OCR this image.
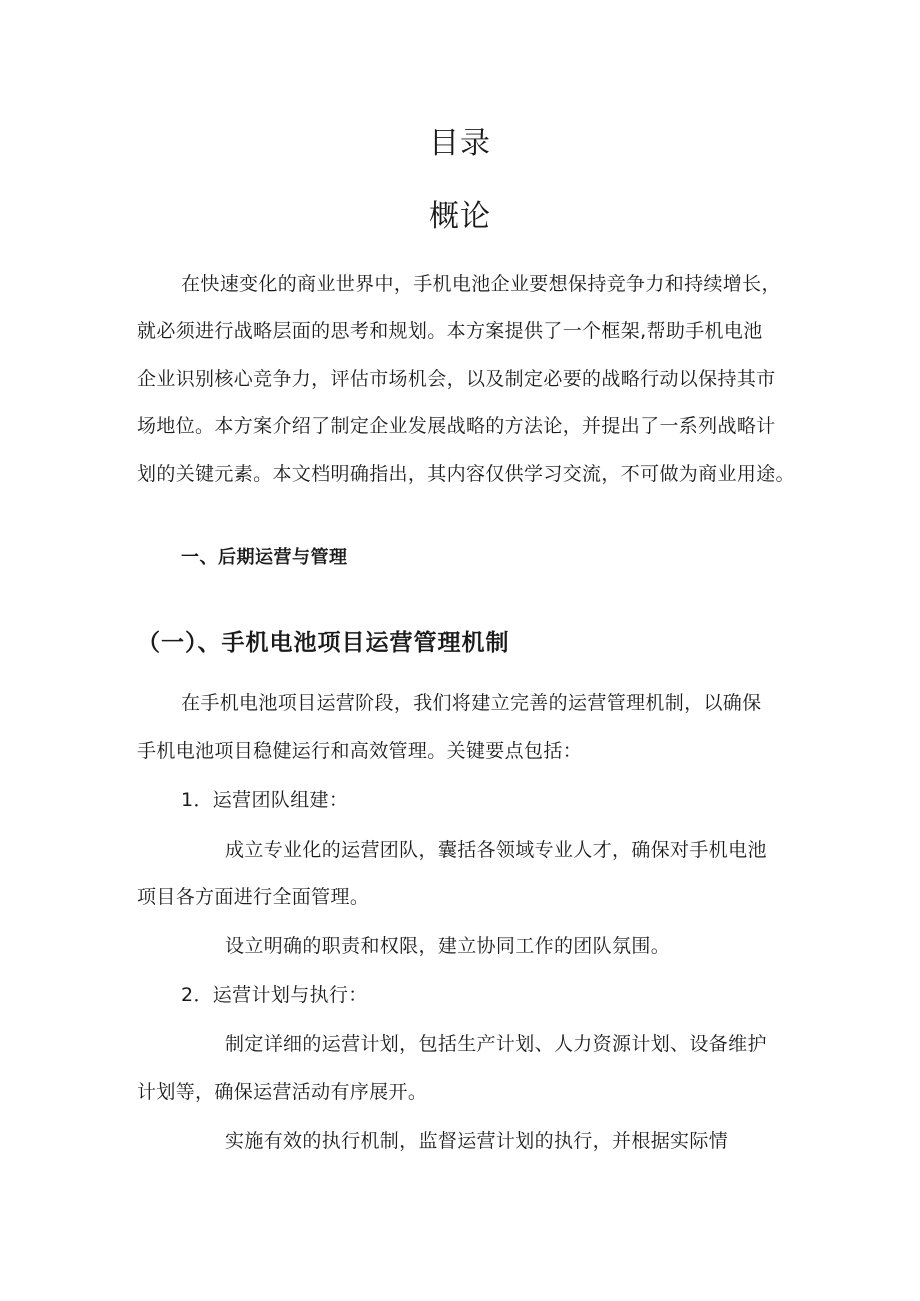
目录
概论

在快速变化的商业世界中，手机电池企业要想保持竞争力和持续增长，

就必须进行战略层面的思考和规划。本方案提供了一个框架,帮助手机电池

企业识别核心竞争力，评估市场机会，以及制定必要的战略行动以保持其市

场地位。本方案介绍了制定企业发展战略的方法论，并提出了一系列战略计

划的关键元素。本文档明确指出，其内容仅供学习交流，不可做为商业用途。

一、后期运营与管理
（一）、手机电池项目运营管理机制

在手机电池项目运营阶段，我们将建立完善的运营管理机制，以确保

手机电池项目稳健运行和高效管理。关键要点包括：

1．运营团队组建：

成立专业化的运营团队，囊括各领域专业人才，确保对手机电池

项目各方面进行全面管理。

设立明确的职责和权限，建立协同工作的团队氛围。

2．运营计划与执行：

制定详细的运营计划，包括生产计划、人力资源计划、设备维护

计划等，确保运营活动有序展开。

实施有效的执行机制，监督运营计划的执行，并根据实际情
